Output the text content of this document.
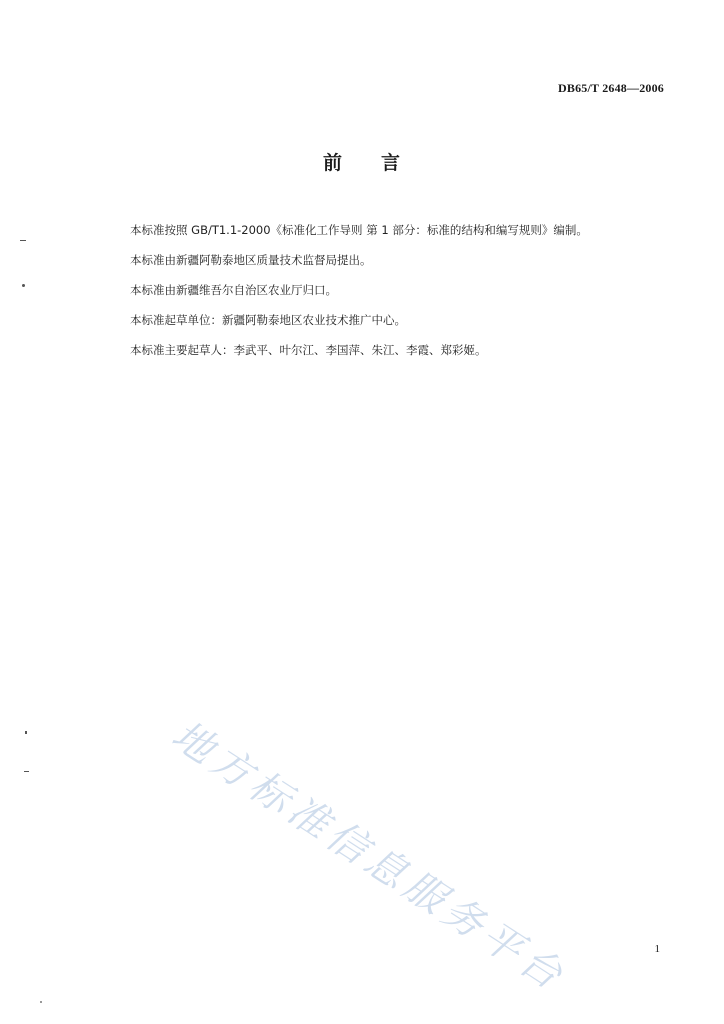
DB65/T 2648—2006
前 言
本标准按照 GB/T1.1-2000《标准化工作导则 第 1 部分：标准的结构和编写规则》编制。
本标准由新疆阿勒泰地区质量技术监督局提出。
本标准由新疆维吾尔自治区农业厅归口。
本标准起草单位：新疆阿勒泰地区农业技术推广中心。
本标准主要起草人：李武平、叶尔江、李国萍、朱江、李霞、郑彩姬。
地方标准信息服务平台	1
